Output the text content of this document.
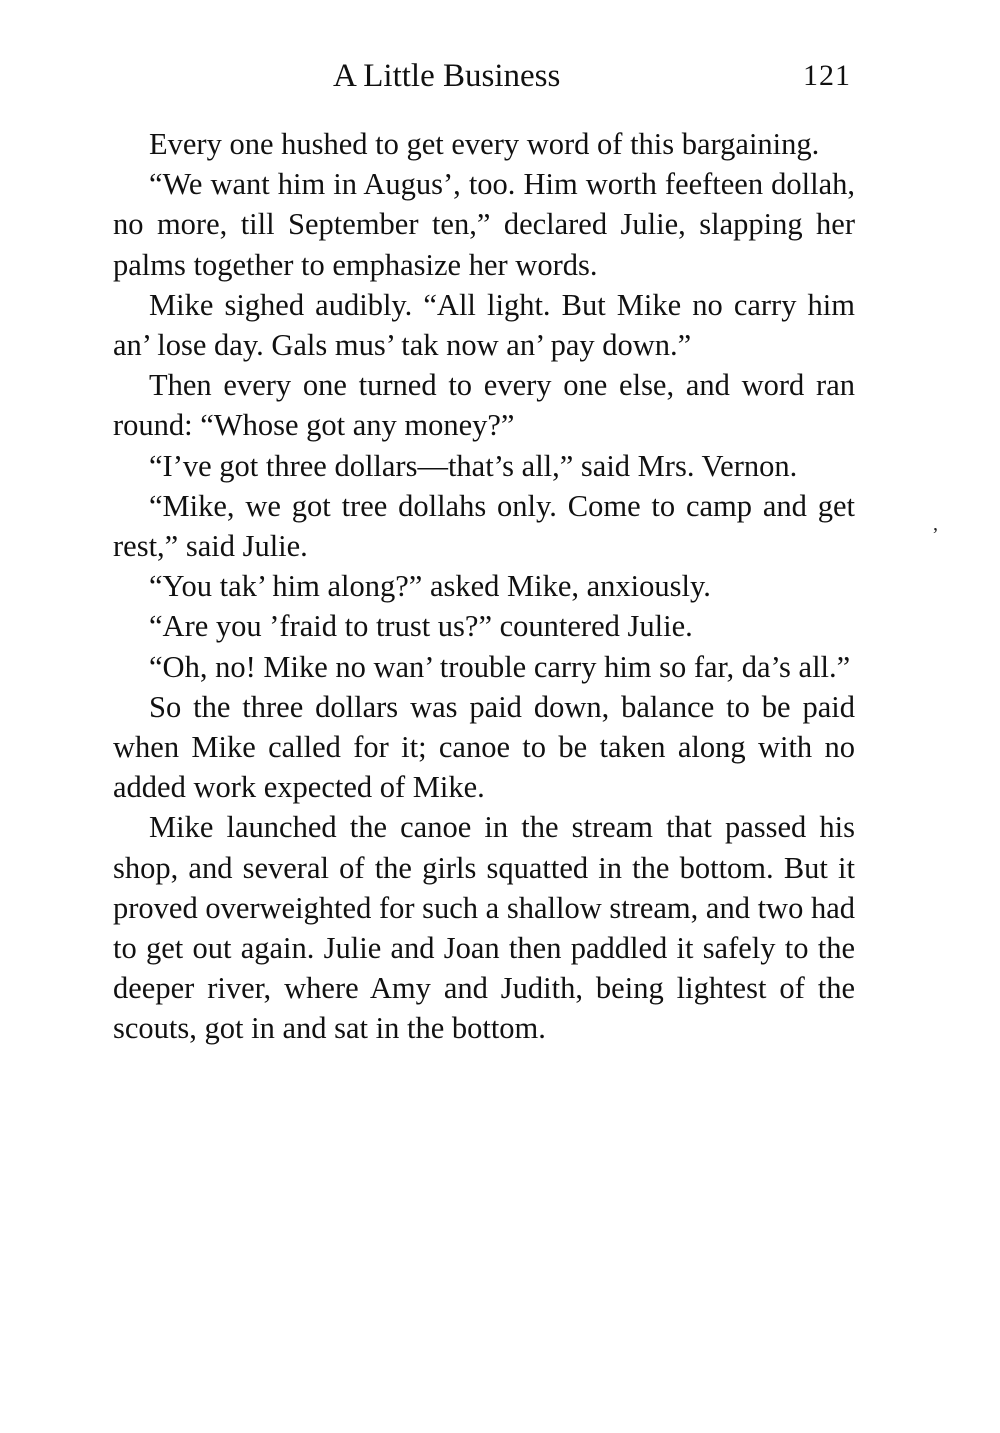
A Little Business	121

Every one hushed to get every word of this bargaining.

“We want him in Augus’, too. Him worth feefteen dollah, no more, till September ten,” declared Julie, slapping her palms together to emphasize her words.

Mike sighed audibly. “All light. But Mike no carry him an’ lose day. Gals mus’ tak now an’ pay down.”

Then every one turned to every one else, and word ran round: “Whose got any money?”

“I’ve got three dollars—that’s all,” said Mrs. Vernon.

“Mike, we got tree dollahs only. Come to camp and get rest,” said Julie.

“You tak’ him along?” asked Mike, anxiously.

“Are you ’fraid to trust us?” countered Julie.

“Oh, no! Mike no wan’ trouble carry him so far, da’s all.”

So the three dollars was paid down, balance to be paid when Mike called for it; canoe to be taken along with no added work expected of Mike.

Mike launched the canoe in the stream that passed his shop, and several of the girls squatted in the bottom. But it proved overweighted for such a shallow stream, and two had to get out again. Julie and Joan then paddled it safely to the deeper river, where Amy and Judith, being lightest of the scouts, got in and sat in the bottom.

’
